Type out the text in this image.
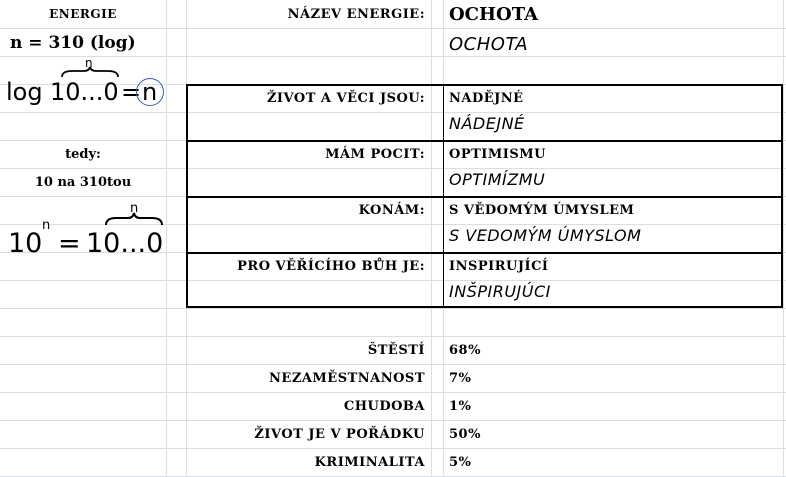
ENERGIE
n = 310 (log)
log 10...0 = n
n
tedy:
10 na 310tou
10
n
= 10...0
n
NÁZEV ENERGIE: OCHOTA
OCHOTA
ŽIVOT A VĚCI JSOU: NADĚJNÉ
NÁDEJNÉ
MÁM POCIT: OPTIMISMU
OPTIMÍZMU
KONÁM: S VĚDOMÝM ÚMYSLEM
S VEDOMÝM ÚMYSLOM
PRO VĚŘÍCÍHO BŮH JE: INSPIRUJÍCÍ
INŠPIRUJÚCI
ŠTĚSTÍ 68%
NEZAMĚSTNANOST 7%
CHUDOBA 1%
ŽIVOT JE V POŘÁDKU 50%
KRIMINALITA 5%
